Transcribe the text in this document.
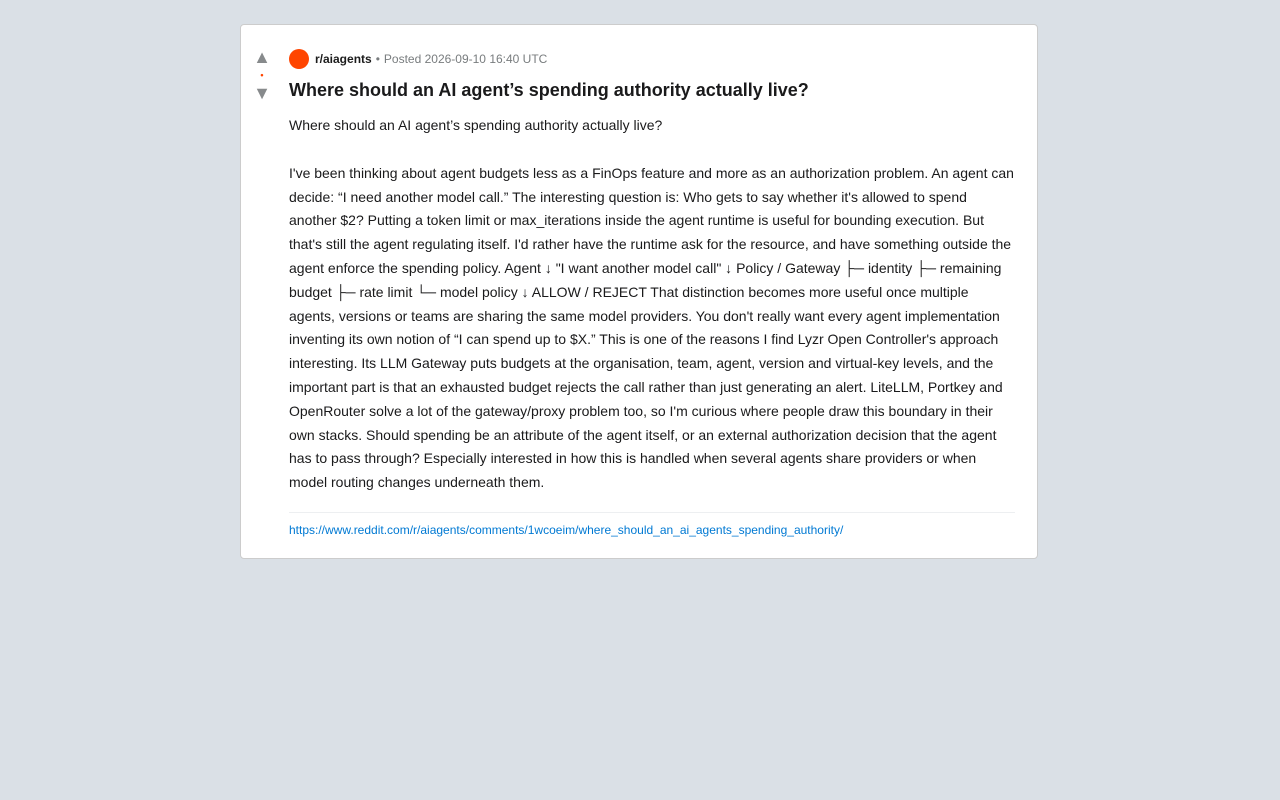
▲
•
▼
r/aiagents • Posted 2026-09-10 16:40 UTC
Where should an AI agent’s spending authority actually live?

Where should an AI agent’s spending authority actually live?

I've been thinking about agent budgets less as a FinOps feature and more as an authorization problem. An agent can decide: “I need another model call.” The interesting question is: Who gets to say whether it's allowed to spend another $2? Putting a token limit or max_iterations inside the agent runtime is useful for bounding execution. But that's still the agent regulating itself. I'd rather have the runtime ask for the resource, and have something outside the agent enforce the spending policy. Agent ↓ "I want another model call" ↓ Policy / Gateway ├─ identity ├─ remaining budget ├─ rate limit └─ model policy ↓ ALLOW / REJECT That distinction becomes more useful once multiple agents, versions or teams are sharing the same model providers. You don't really want every agent implementation inventing its own notion of “I can spend up to $X.” This is one of the reasons I find Lyzr Open Controller's approach interesting. Its LLM Gateway puts budgets at the organisation, team, agent, version and virtual-key levels, and the important part is that an exhausted budget rejects the call rather than just generating an alert. LiteLLM, Portkey and OpenRouter solve a lot of the gateway/proxy problem too, so I'm curious where people draw this boundary in their own stacks. Should spending be an attribute of the agent itself, or an external authorization decision that the agent has to pass through? Especially interested in how this is handled when several agents share providers or when model routing changes underneath them.

https://www.reddit.com/r/aiagents/comments/1wcoeim/where_should_an_ai_agents_spending_authority/
